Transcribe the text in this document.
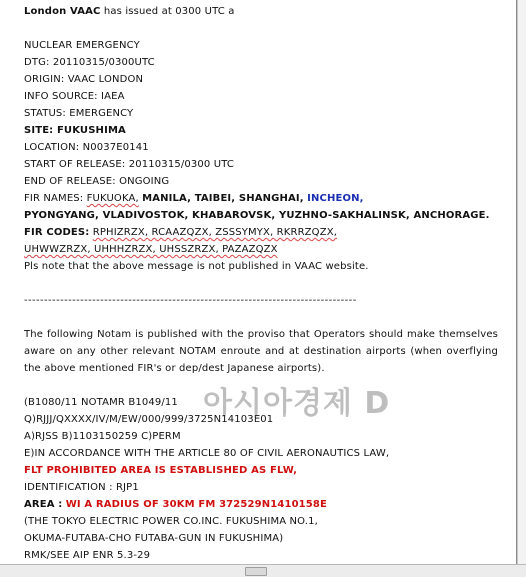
London VAAC has issued at 0300 UTC a
NUCLEAR EMERGENCY
DTG: 20110315/0300UTC
ORIGIN: VAAC LONDON
INFO SOURCE: IAEA
STATUS: EMERGENCY
SITE: FUKUSHIMA
LOCATION: N0037E0141
START OF RELEASE: 20110315/0300 UTC
END OF RELEASE: ONGOING
FIR NAMES: FUKUOKA, MANILA, TAIBEI, SHANGHAI, INCHEON,
PYONGYANG, VLADIVOSTOK, KHABAROVSK, YUZHNO-SAKHALINSK, ANCHORAGE.
FIR CODES: RPHIZRZX, RCAAZQZX, ZSSSYMYX, RKRRZQZX,
UHWWZRZX, UHHHZRZX, UHSSZRZX, PAZAZQZX
Pls note that the above message is not published in VAAC website.
-----------------------------------------------------------------------------------
The following Notam is published with the proviso that Operators should make themselves aware on any other relevant NOTAM enroute and at destination airports (when overflying the above mentioned FIR's or dep/dest Japanese airports).
(B1080/11 NOTAMR B1049/11
Q)RJJJ/QXXXX/IV/M/EW/000/999/3725N14103E01
A)RJSS B)1103150259 C)PERM
E)IN ACCORDANCE WITH THE ARTICLE 80 OF CIVIL AERONAUTICS LAW,
FLT PROHIBITED AREA IS ESTABLISHED AS FLW,
IDENTIFICATION : RJP1
AREA : WI A RADIUS OF 30KM FM 372529N1410158E
(THE TOKYO ELECTRIC POWER CO.INC. FUKUSHIMA NO.1,
OKUMA-FUTABA-CHO FUTABA-GUN IN FUKUSHIMA)
RMK/SEE AIP ENR 5.3-29
아시아경제 D
